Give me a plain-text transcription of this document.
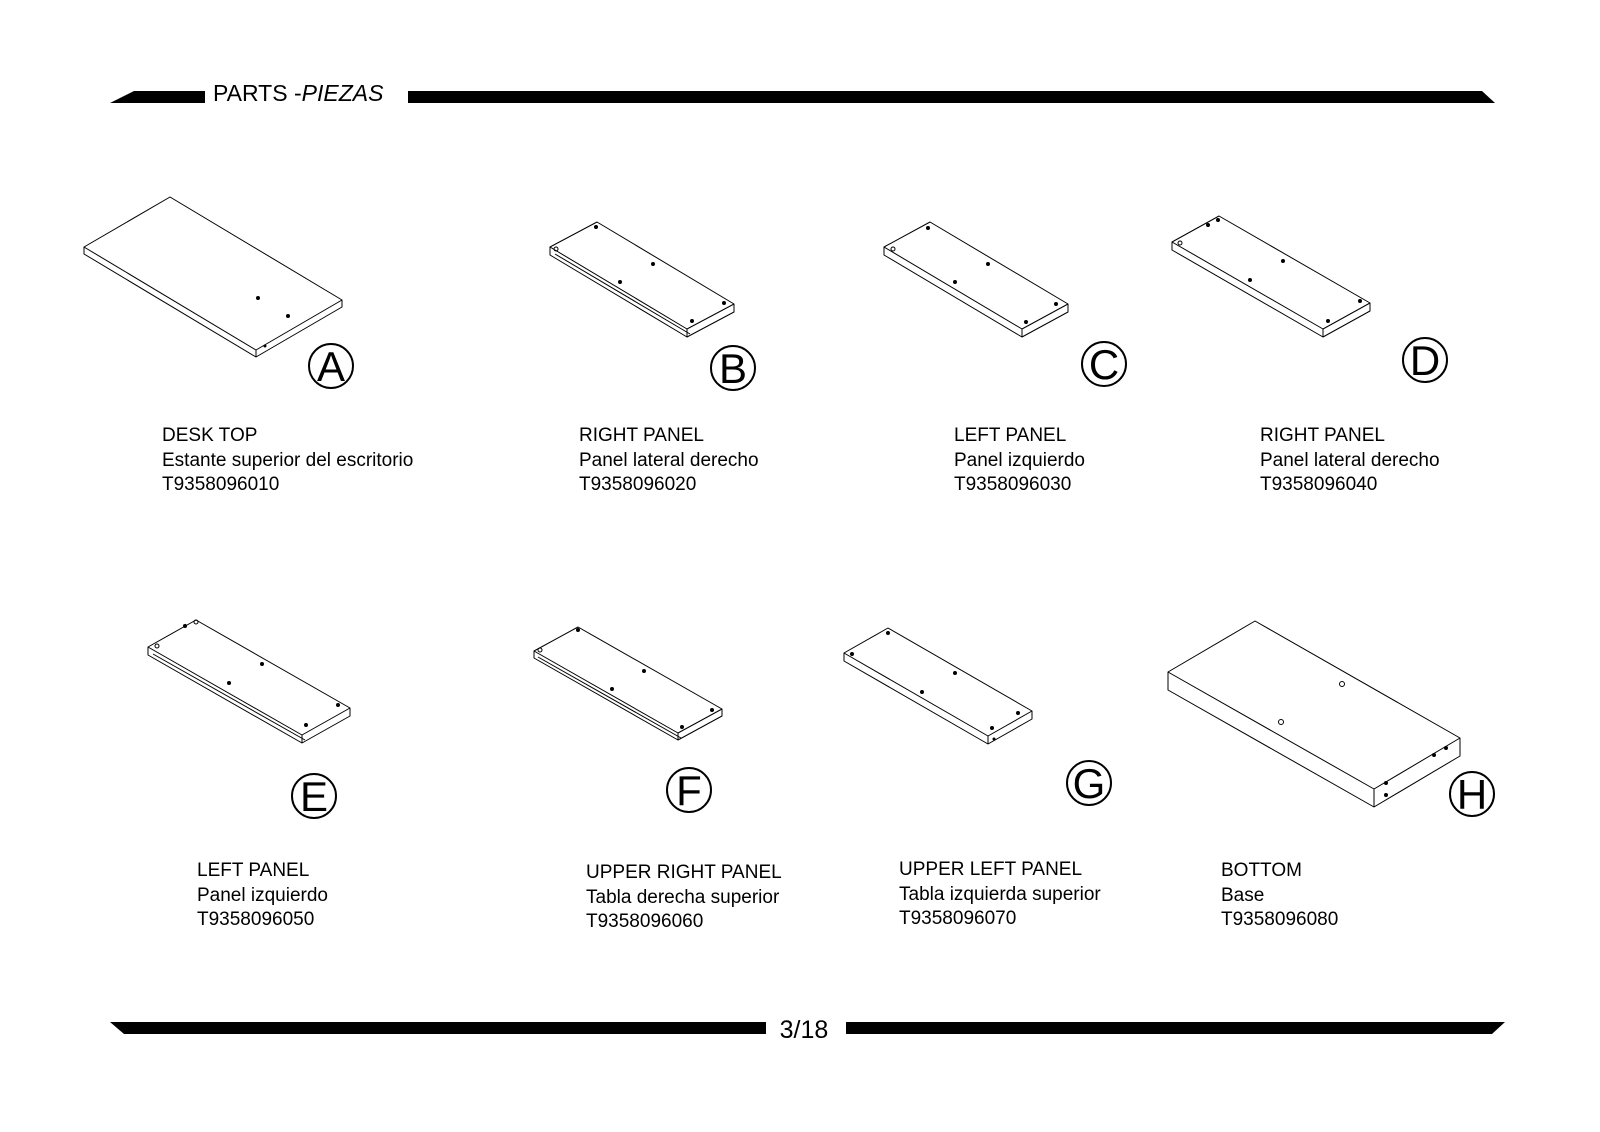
PARTS -PIEZAS
3/18
A	B	C	D
E	F	G	H
DESK TOP
Estante superior del escritorio
T9358096010
RIGHT PANEL
Panel lateral derecho
T9358096020
LEFT PANEL
Panel izquierdo
T9358096030
RIGHT PANEL
Panel lateral derecho
T9358096040
LEFT PANEL
Panel izquierdo
T9358096050
UPPER RIGHT PANEL
Tabla derecha superior
T9358096060
UPPER LEFT PANEL
Tabla izquierda superior
T9358096070
BOTTOM
Base
T9358096080
